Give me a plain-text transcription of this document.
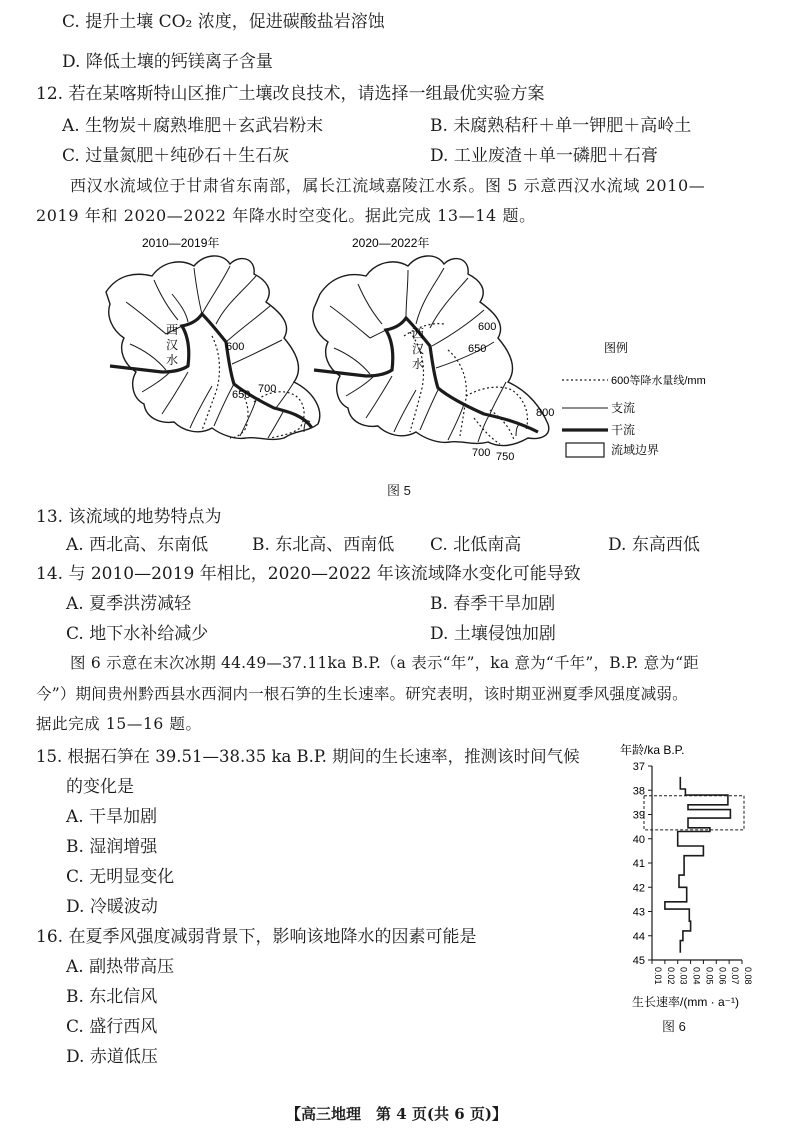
C. 提升土壤 CO₂ 浓度，促进碳酸盐岩溶蚀
D. 降低土壤的钙镁离子含量
12. 若在某喀斯特山区推广土壤改良技术，请选择一组最优实验方案
A. 生物炭＋腐熟堆肥＋玄武岩粉末	B. 未腐熟秸秆＋单一钾肥＋高岭土
C. 过量氮肥＋纯砂石＋生石灰	D. 工业废渣＋单一磷肥＋石膏
西汉水流域位于甘肃省东南部，属长江流域嘉陵江水系。图 5 示意西汉水流域 2010—
2019 年和 2020—2022 年降水时空变化。据此完成 13—14 题。
2010—2019年
西
汉
水
600
650 700
2020—2022年
西
汉
水
600
650
800
700 750
图例
600等降水量线/mm
支流
干流
流域边界
图 5
13. 该流域的地势特点为
A. 西北高、东南低	B. 东北高、西南低 C. 北低南高	D. 东高西低
14. 与 2010—2019 年相比，2020—2022 年该流域降水变化可能导致
A. 夏季洪涝减轻	B. 春季干旱加剧
C. 地下水补给减少	D. 土壤侵蚀加剧
图 6 示意在末次冰期 44.49—37.11ka B.P.（a 表示“年”，ka 意为“千年”，B.P. 意为“距
今”）期间贵州黔西县水西洞内一根石笋的生长速率。研究表明，该时期亚洲夏季风强度减弱。
据此完成 15—16 题。
15. 根据石笋在 39.51—38.35 ka B.P. 期间的生长速率，推测该时间气候
的变化是
A. 干旱加剧
B. 湿润增强
C. 无明显变化
D. 冷暖波动
16. 在夏季风强度减弱背景下，影响该地降水的因素可能是
A. 副热带高压
B. 东北信风
C. 盛行西风
D. 赤道低压
年龄/ka B.P.
生长速率/(mm · a⁻¹)
37
38
39
40
41
42
43
44
45
0.01 0.02 0.03 0.04 0.05 0.06 0.07 0.08
图 6
【高三地理　第 4 页(共 6 页)】
